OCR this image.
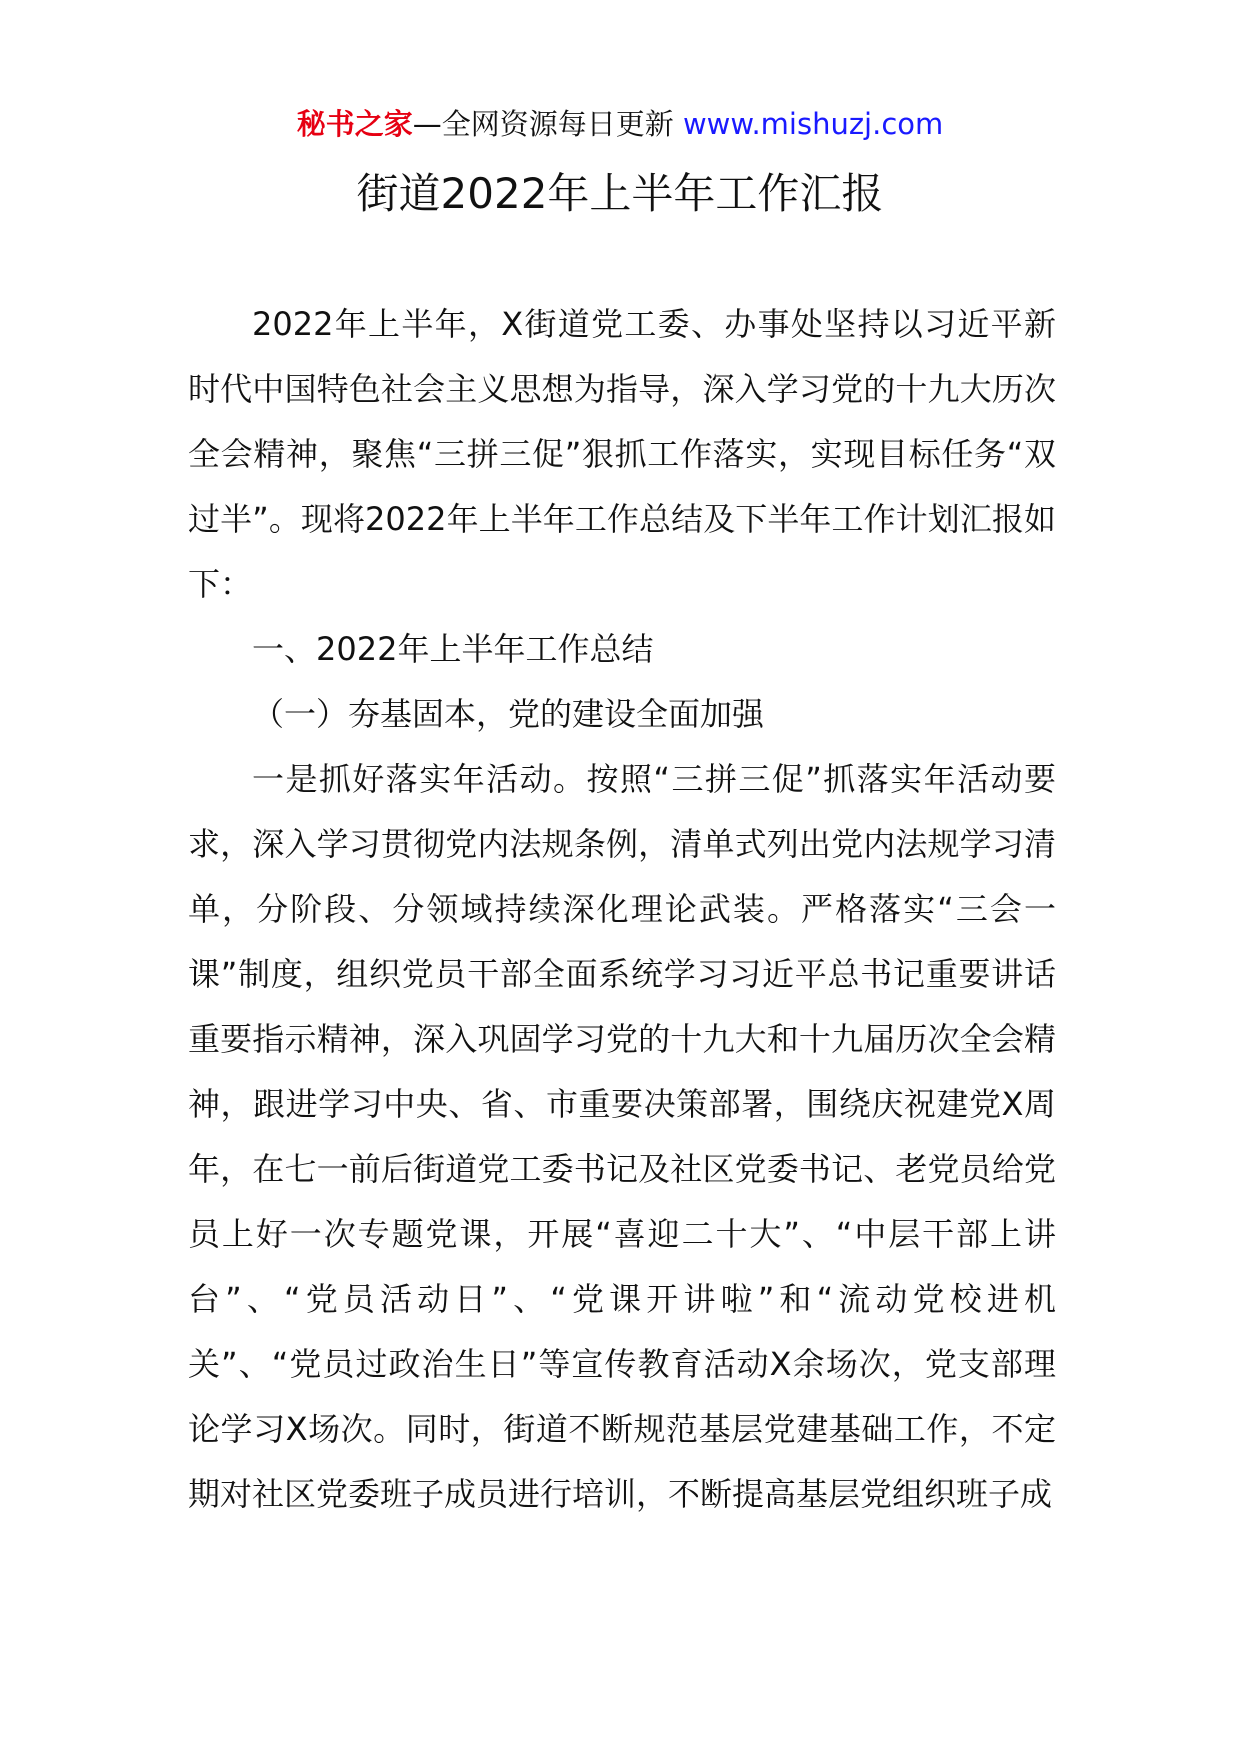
秘书之家—全网资源每日更新 www.mishuzj.com
街道2022年上半年工作汇报

2022年上半年，X街道党工委、办事处坚持以习近平新时代中国特色社会主义思想为指导，深入学习党的十九大历次全会精神，聚焦“三拼三促”狠抓工作落实，实现目标任务“双过半”。现将2022年上半年工作总结及下半年工作计划汇报如下：

一、2022年上半年工作总结

（一）夯基固本，党的建设全面加强

一是抓好落实年活动。按照“三拼三促”抓落实年活动要求，深入学习贯彻党内法规条例，清单式列出党内法规学习清单，分阶段、分领域持续深化理论武装。严格落实“三会一课”制度，组织党员干部全面系统学习习近平总书记重要讲话重要指示精神，深入巩固学习党的十九大和十九届历次全会精神，跟进学习中央、省、市重要决策部署，围绕庆祝建党X周年，在七一前后街道党工委书记及社区党委书记、老党员给党员上好一次专题党课，开展“喜迎二十大”、“中层干部上讲台”、“党员活动日”、“党课开讲啦”和“流动党校进机关”、“党员过政治生日”等宣传教育活动X余场次，党支部理论学习X场次。同时，街道不断规范基层党建基础工作，不定期对社区党委班子成员进行培训，不断提高基层党组织班子成
